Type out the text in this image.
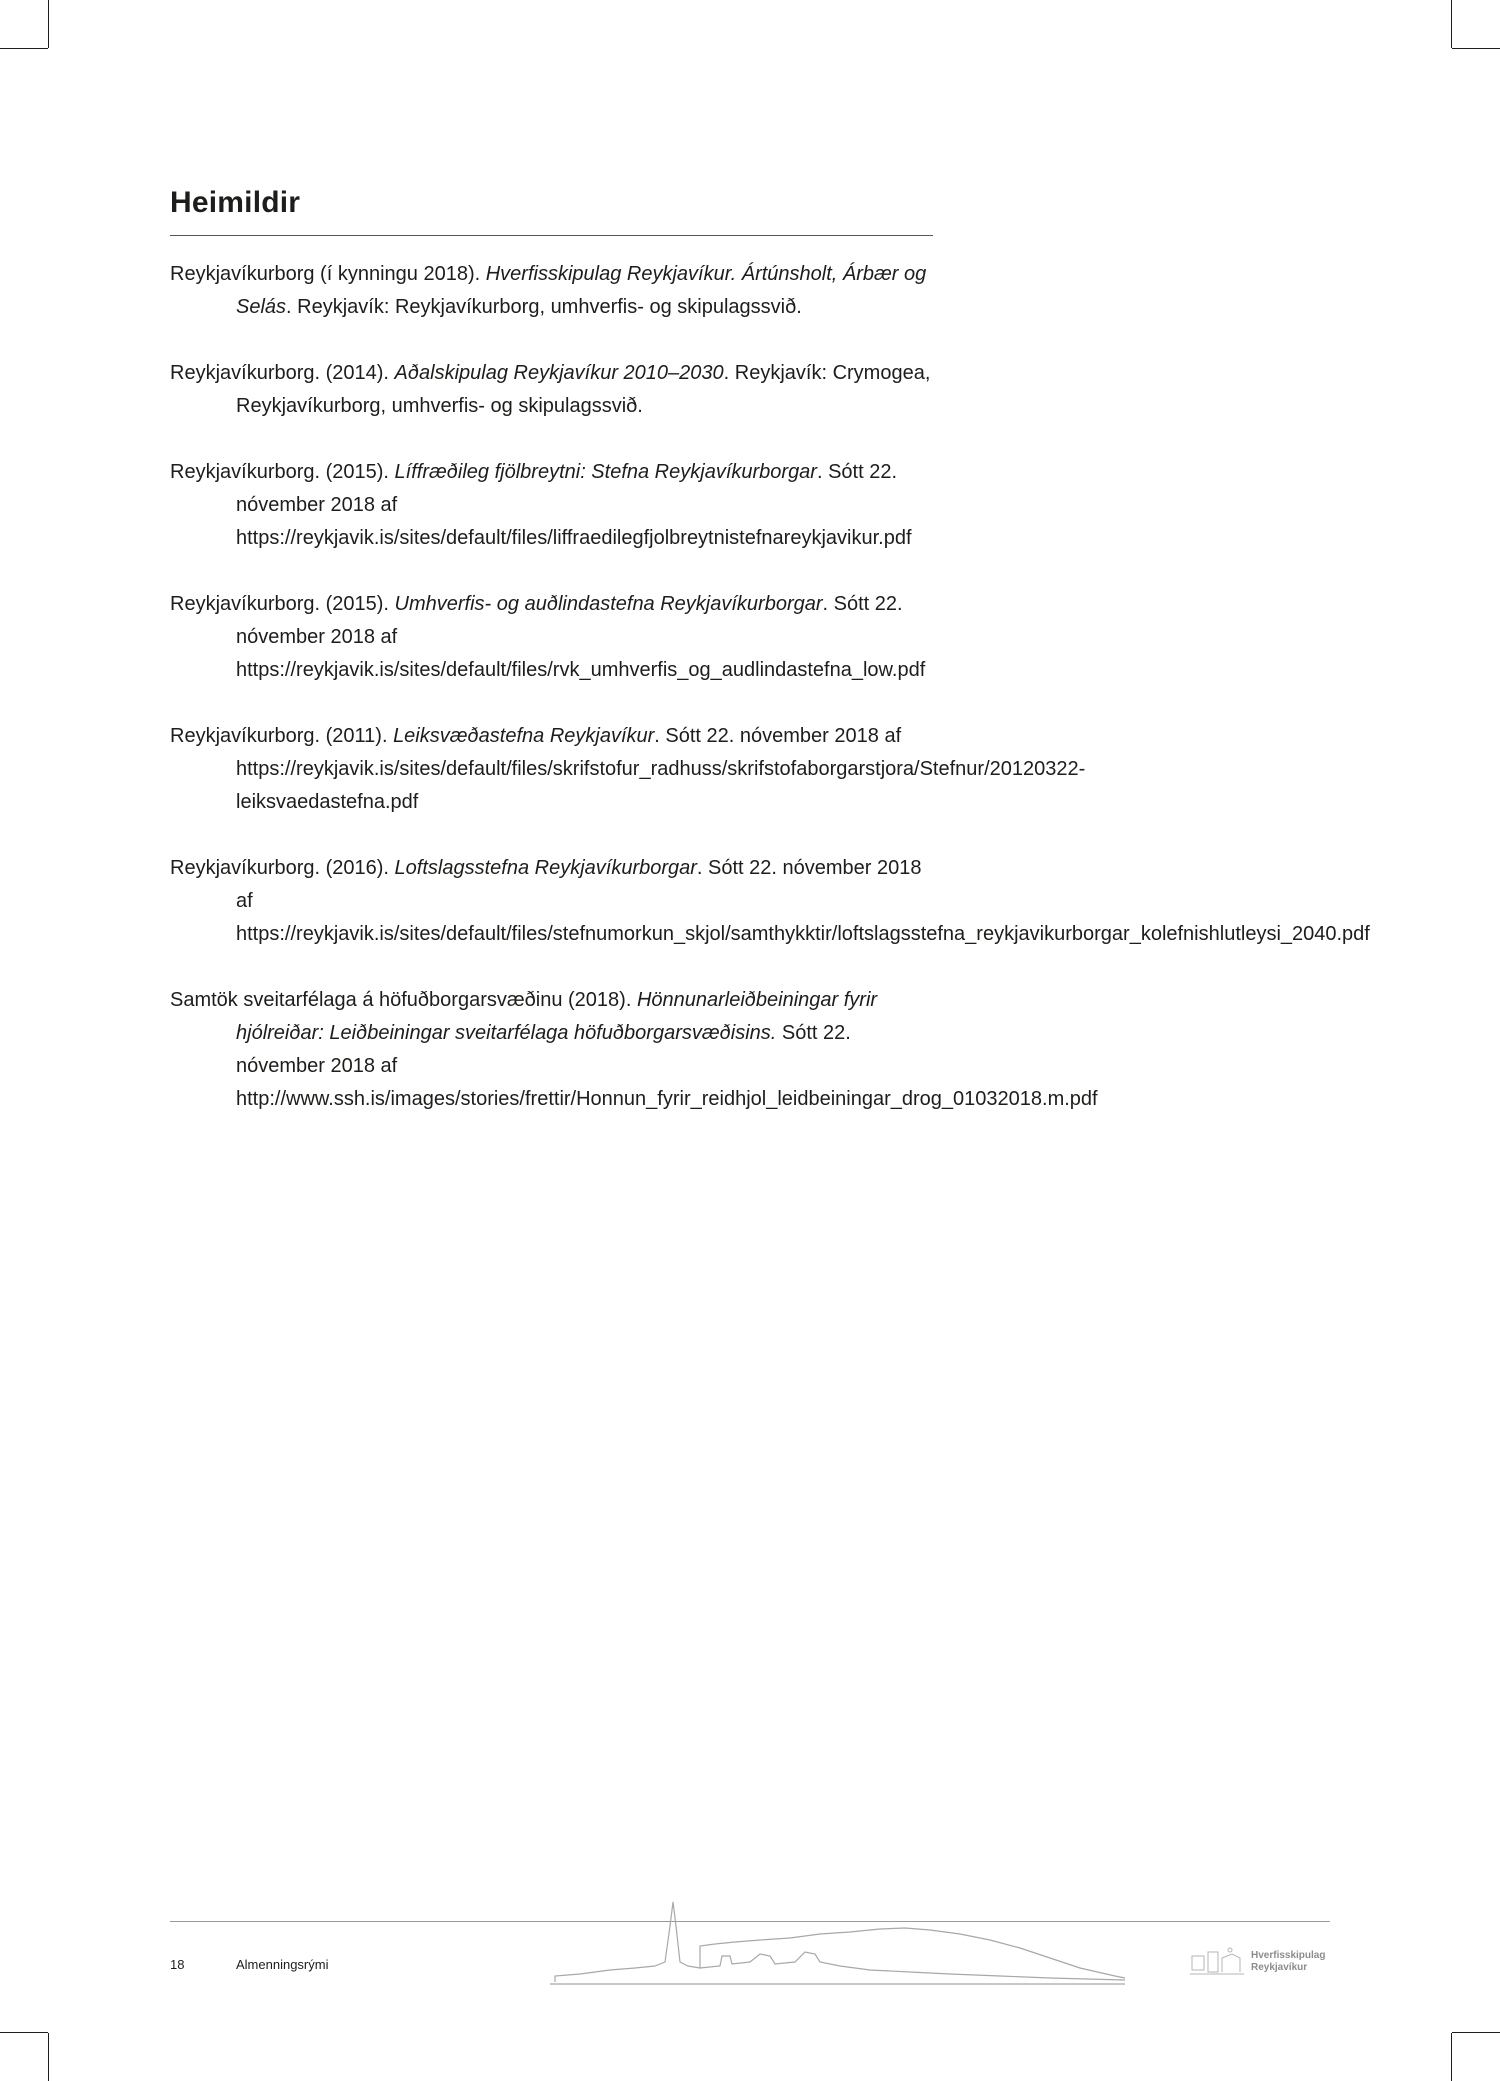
Heimildir
Reykjavíkurborg (í kynningu 2018). Hverfisskipulag Reykjavíkur. Ártúnsholt, Árbær og Selás. Reykjavík: Reykjavíkurborg, umhverfis- og skipulagssvið.
Reykjavíkurborg. (2014). Aðalskipulag Reykjavíkur 2010–2030. Reykjavík: Crymogea, Reykjavíkurborg, umhverfis- og skipulagssvið.
Reykjavíkurborg. (2015). Líffræðileg fjölbreytni: Stefna Reykjavíkurborgar. Sótt 22. nóvember 2018 af https://reykjavik.is/sites/default/files/liffraedilegfjolbreytnistefnareykjavikur.pdf
Reykjavíkurborg. (2015). Umhverfis- og auðlindastefna Reykjavíkurborgar. Sótt 22. nóvember 2018 af https://reykjavik.is/sites/default/files/rvk_umhverfis_og_audlindastefna_low.pdf
Reykjavíkurborg. (2011). Leiksvæðastefna Reykjavíkur. Sótt 22. nóvember 2018 af https://reykjavik.is/sites/default/files/skrifstofur_radhuss/skrifstofaborgarstjora/Stefnur/20120322-leiksvaedastefna.pdf
Reykjavíkurborg. (2016). Loftslagsstefna Reykjavíkurborgar. Sótt 22. nóvember 2018 af https://reykjavik.is/sites/default/files/stefnumorkun_skjol/samthykktir/loftslagsstefna_reykjavikurborgar_kolefnishlutleysi_2040.pdf
Samtök sveitarfélaga á höfuðborgarsvæðinu (2018). Hönnunarleiðbeiningar fyrir hjólreiðar: Leiðbeiningar sveitarfélaga höfuðborgarsvæðisins. Sótt 22. nóvember 2018 af http://www.ssh.is/images/stories/frettir/Honnun_fyrir_reidhjol_leidbeiningar_drog_01032018.m.pdf
18	Almenningsrými
Hverfisskipulag
Reykjavíkur
